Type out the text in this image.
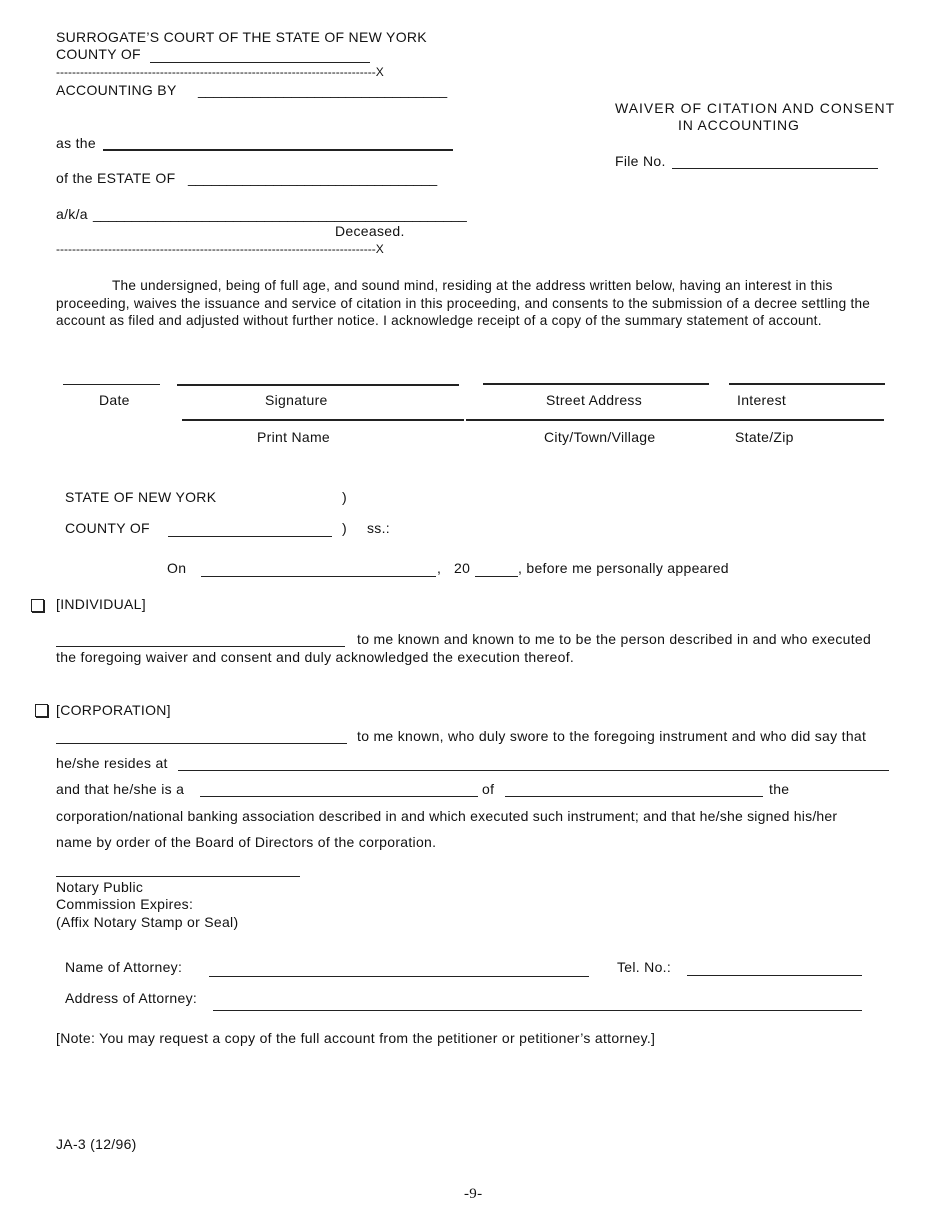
SURROGATE’S COURT OF THE STATE OF NEW YORK
COUNTY OF
--------------------------------------------------------------------------------X
ACCOUNTING BY ________________________________
as the
of the ESTATE OF ________________________________
a/k/a ________________________________________________
Deceased.
--------------------------------------------------------------------------------X
WAIVER OF CITATION AND CONSENT
IN ACCOUNTING
File No.
The undersigned, being of full age, and sound mind, residing at the address written below, having an interest in this proceeding, waives the issuance and service of citation in this proceeding, and consents to the submission of a decree settling the account as filed and adjusted without further notice. I acknowledge receipt of a copy of the summary statement of account.
Date	Signature	Street Address	Interest
Print Name	City/Town/Village	State/Zip
STATE OF NEW YORK	)
COUNTY OF	) ss.:
On	, 20	, before me personally appeared
[INDIVIDUAL]
to me known and known to me to be the person described in and who executed
the foregoing waiver and consent and duly acknowledged the execution thereof.
[CORPORATION]
to me known, who duly swore to the foregoing instrument and who did say that
he/she resides at
and that he/she is a	of	the
corporation/national banking association described in and which executed such instrument; and that he/she signed his/her
name by order of the Board of Directors of the corporation.
Notary Public
Commission Expires:
(Affix Notary Stamp or Seal)
Name of Attorney:	Tel. No.:
Address of Attorney:
[Note: You may request a copy of the full account from the petitioner or petitioner’s attorney.]
JA-3 (12/96)
-9-
